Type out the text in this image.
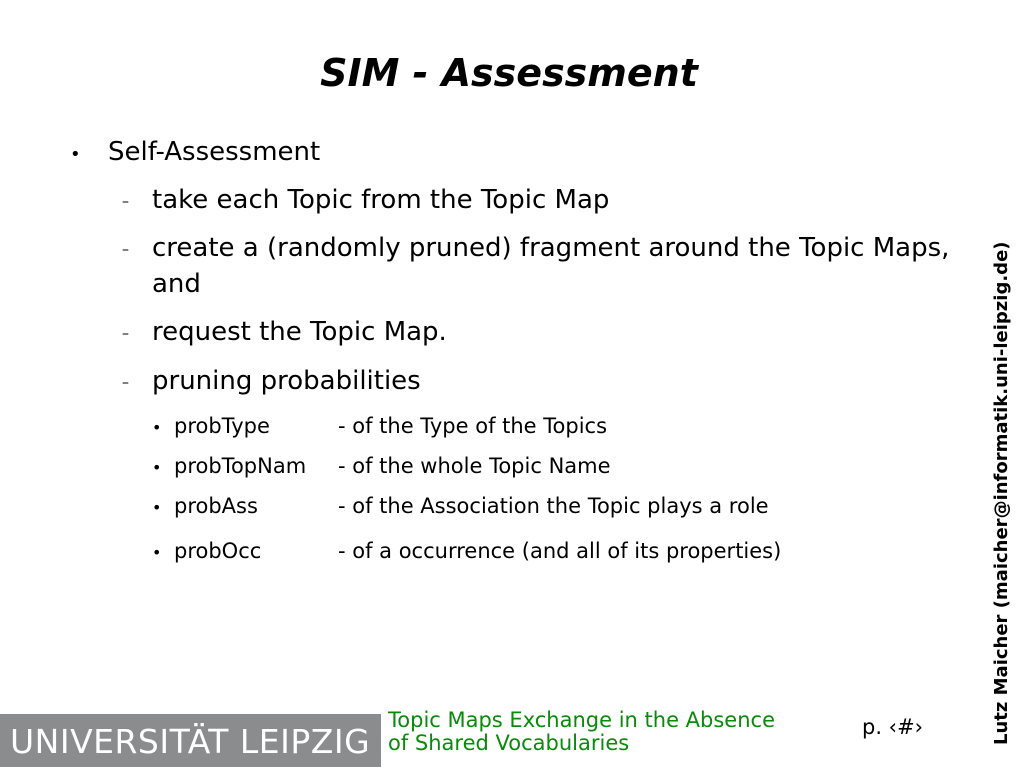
SIM - Assessment
• Self-Assessment
– take each Topic from the Topic Map
– create a (randomly pruned) fragment around the Topic Maps, and
– request the Topic Map.
– pruning probabilities
• probType	- of the Type of the Topics
• probTopNam - of the whole Topic Name
• probAss	- of the Association the Topic plays a role
• probOcc	- of a occurrence (and all of its properties)	Lutz Maicher (maicher@informatik.uni-leipzig.de)
UNIVERSITÄT LEIPZIG
Topic Maps Exchange in the Absence
of Shared Vocabularies
p. ‹#›
